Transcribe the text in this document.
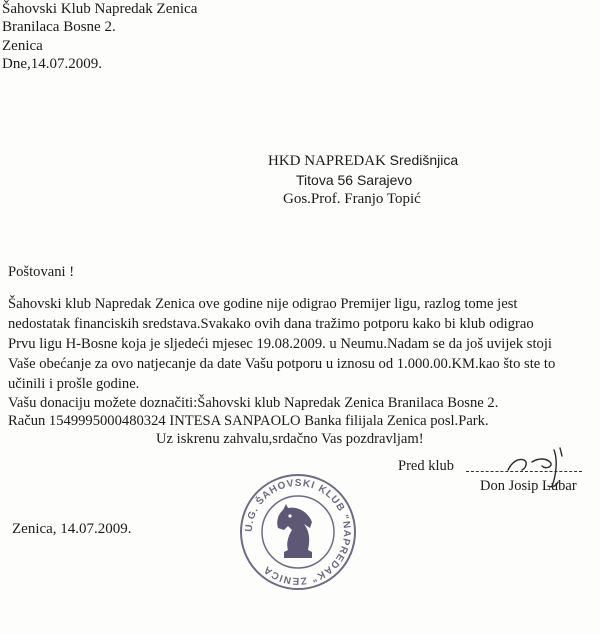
Šahovski Klub Napredak Zenica
Branilaca Bosne 2.
Zenica
Dne,14.07.2009.
HKD NAPREDAK Središnjica
Titova 56 Sarajevo
Gos.Prof. Franjo Topić
Poštovani !
Šahovski klub Napredak Zenica ove godine nije odigrao Premijer ligu, razlog tome jest
nedostatak financiskih sredstava.Svakako ovih dana tražimo potporu kako bi klub odigrao
Prvu ligu H-Bosne koja je sljedeći mjesec 19.08.2009. u Neumu.Nadam se da još uvijek stoji
Vaše obećanje za ovo natjecanje da date Vašu potporu u iznosu od 1.000.00.KM.kao što ste to
učinili i prošle godine.
Vašu donaciju možete doznačiti:Šahovski klub Napredak Zenica Branilaca Bosne 2.
Račun 1549995000480324 INTESA SANPAOLO Banka filijala Zenica posl.Park.
Uz iskrenu zahvalu,srdačno Vas pozdravljam!
Pred klub
Don Josip Lubar
U.G. ŠAHOVSKI KLUB "NAPREDAK" ZENICA
Zenica, 14.07.2009.
